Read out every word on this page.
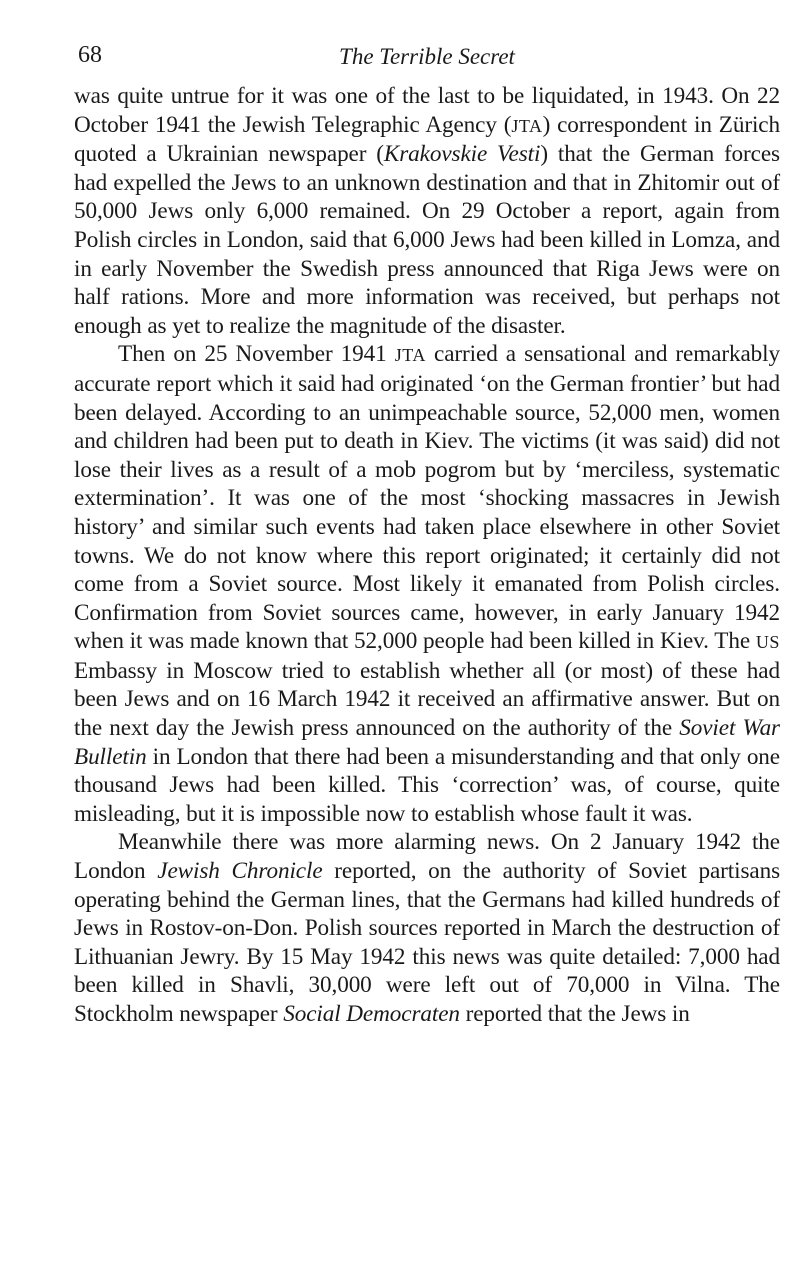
68	The Terrible Secret

was quite untrue for it was one of the last to be liquidated, in 1943. On 22 October 1941 the Jewish Telegraphic Agency (JTA) correspondent in Zürich quoted a Ukrainian newspaper (Krakovskie Vesti) that the German forces had expelled the Jews to an unknown destination and that in Zhitomir out of 50,000 Jews only 6,000 remained. On 29 October a report, again from Polish circles in London, said that 6,000 Jews had been killed in Lomza, and in early November the Swedish press announced that Riga Jews were on half rations. More and more information was received, but perhaps not enough as yet to realize the magnitude of the disaster.

Then on 25 November 1941 JTA carried a sensational and remarkably accurate report which it said had originated ‘on the German frontier’ but had been delayed. According to an unimpeachable source, 52,000 men, women and children had been put to death in Kiev. The victims (it was said) did not lose their lives as a result of a mob pogrom but by ‘merciless, systematic extermination’. It was one of the most ‘shocking massacres in Jewish history’ and similar such events had taken place elsewhere in other Soviet towns. We do not know where this report originated; it certainly did not come from a Soviet source. Most likely it emanated from Polish circles. Confirmation from Soviet sources came, however, in early January 1942 when it was made known that 52,000 people had been killed in Kiev. The US Embassy in Moscow tried to establish whether all (or most) of these had been Jews and on 16 March 1942 it received an affirmative answer. But on the next day the Jewish press announced on the authority of the Soviet War Bulletin in London that there had been a misunderstanding and that only one thousand Jews had been killed. This ‘correction’ was, of course, quite misleading, but it is impossible now to establish whose fault it was.

Meanwhile there was more alarming news. On 2 January 1942 the London Jewish Chronicle reported, on the authority of Soviet partisans operating behind the German lines, that the Germans had killed hundreds of Jews in Rostov-on-Don. Polish sources reported in March the destruction of Lithuanian Jewry. By 15 May 1942 this news was quite detailed: 7,000 had been killed in Shavli, 30,000 were left out of 70,000 in Vilna. The Stockholm newspaper Social Democraten reported that the Jews in
